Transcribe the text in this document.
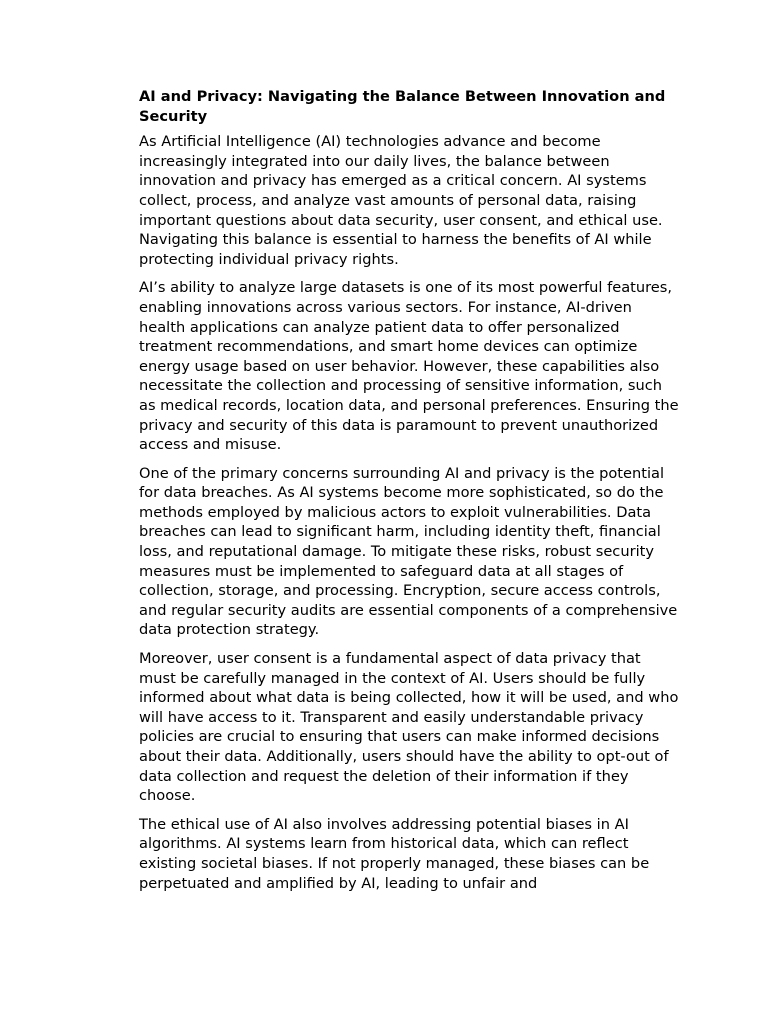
AI and Privacy: Navigating the Balance Between Innovation and Security

As Artificial Intelligence (AI) technologies advance and become increasingly integrated into our daily lives, the balance between innovation and privacy has emerged as a critical concern. AI systems collect, process, and analyze vast amounts of personal data, raising important questions about data security, user consent, and ethical use. Navigating this balance is essential to harness the benefits of AI while protecting individual privacy rights.

AI’s ability to analyze large datasets is one of its most powerful features, enabling innovations across various sectors. For instance, AI-driven health applications can analyze patient data to offer personalized treatment recommendations, and smart home devices can optimize energy usage based on user behavior. However, these capabilities also necessitate the collection and processing of sensitive information, such as medical records, location data, and personal preferences. Ensuring the privacy and security of this data is paramount to prevent unauthorized access and misuse.

One of the primary concerns surrounding AI and privacy is the potential for data breaches. As AI systems become more sophisticated, so do the methods employed by malicious actors to exploit vulnerabilities. Data breaches can lead to significant harm, including identity theft, financial loss, and reputational damage. To mitigate these risks, robust security measures must be implemented to safeguard data at all stages of collection, storage, and processing. Encryption, secure access controls, and regular security audits are essential components of a comprehensive data protection strategy.

Moreover, user consent is a fundamental aspect of data privacy that must be carefully managed in the context of AI. Users should be fully informed about what data is being collected, how it will be used, and who will have access to it. Transparent and easily understandable privacy policies are crucial to ensuring that users can make informed decisions about their data. Additionally, users should have the ability to opt-out of data collection and request the deletion of their information if they choose.

The ethical use of AI also involves addressing potential biases in AI algorithms. AI systems learn from historical data, which can reflect existing societal biases. If not properly managed, these biases can be perpetuated and amplified by AI, leading to unfair and
